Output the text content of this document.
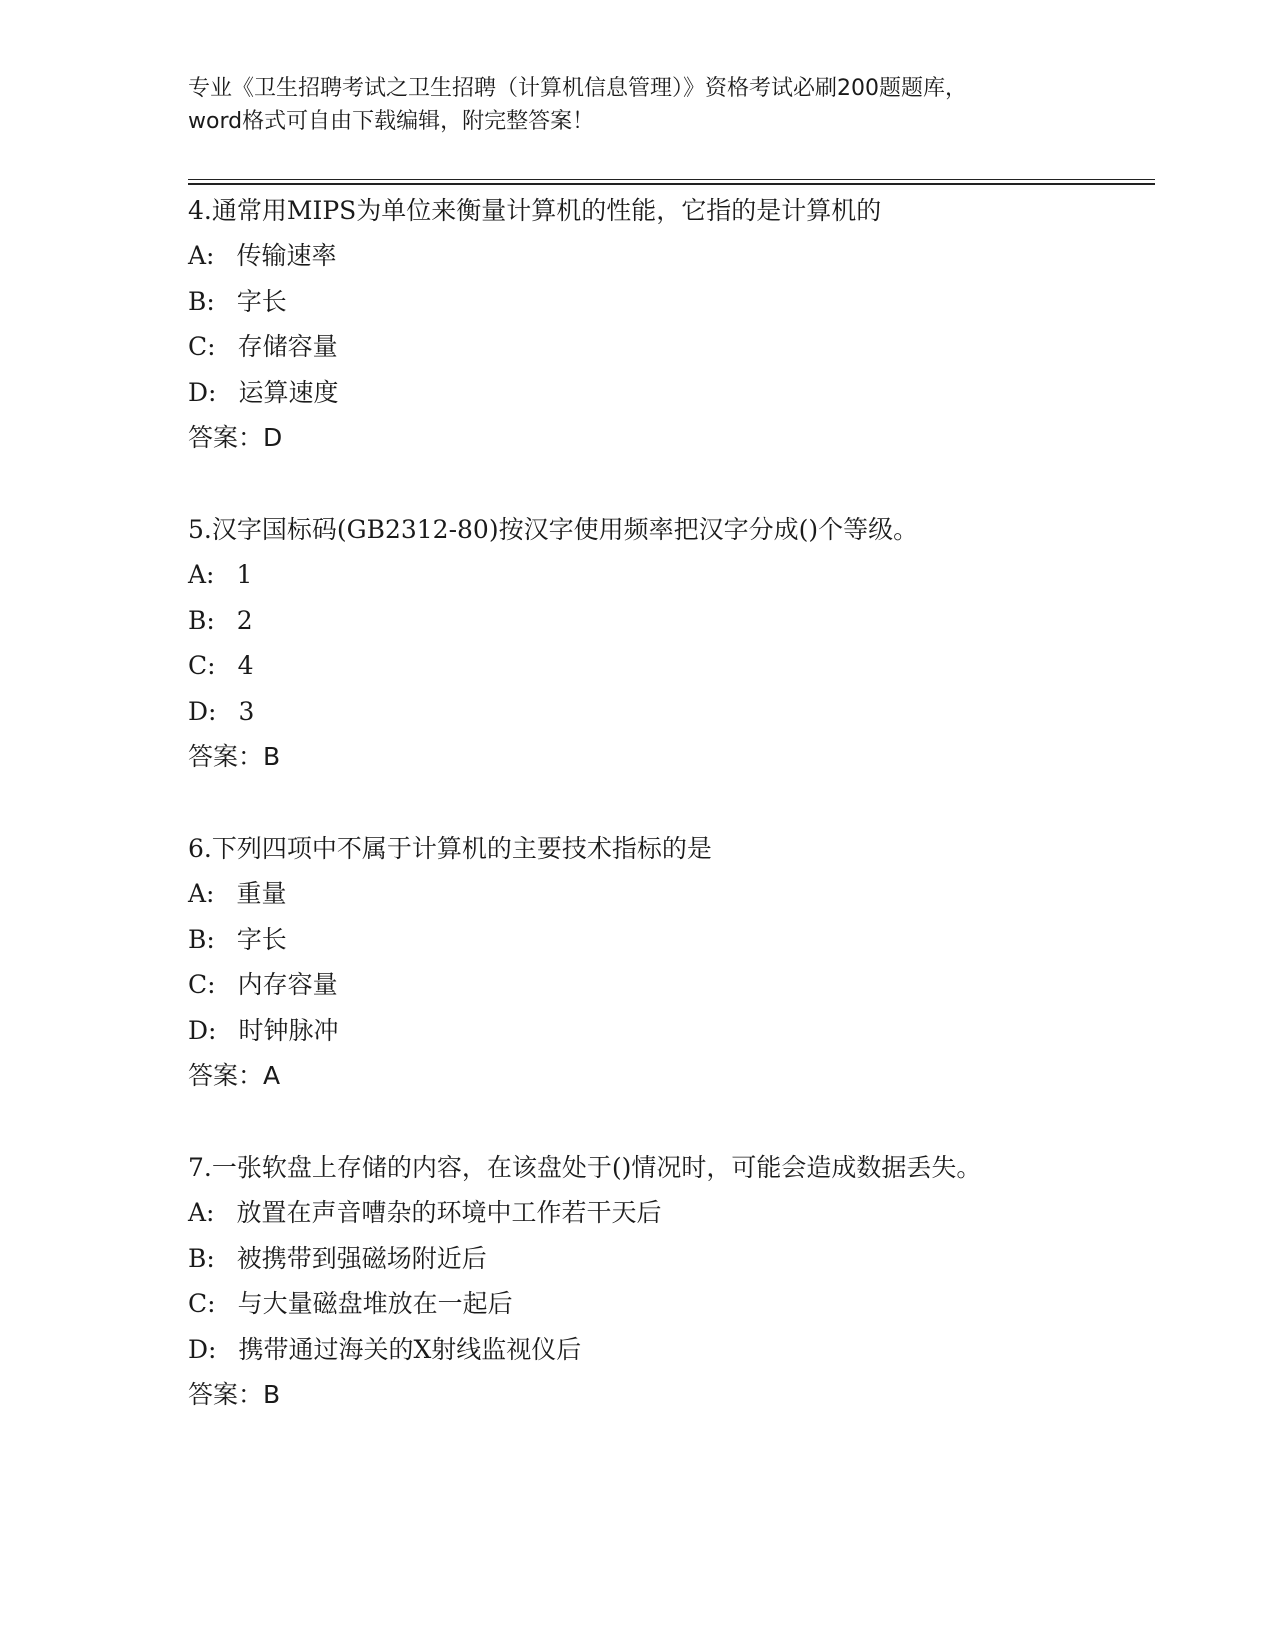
专业《卫生招聘考试之卫生招聘（计算机信息管理）》资格考试必刷200题题库，
word格式可自由下载编辑，附完整答案！
4.通常用MIPS为单位来衡量计算机的性能，它指的是计算机的
A: 传输速率
B: 字长
C: 存储容量
D: 运算速度
答案：D
5.汉字国标码(GB2312-80)按汉字使用频率把汉字分成()个等级。
A: 1
B: 2
C: 4
D: 3
答案：B
6.下列四项中不属于计算机的主要技术指标的是
A: 重量
B: 字长
C: 内存容量
D: 时钟脉冲
答案：A
7.一张软盘上存储的内容，在该盘处于()情况时，可能会造成数据丢失。
A: 放置在声音嘈杂的环境中工作若干天后
B: 被携带到强磁场附近后
C: 与大量磁盘堆放在一起后
D: 携带通过海关的X射线监视仪后
答案：B
